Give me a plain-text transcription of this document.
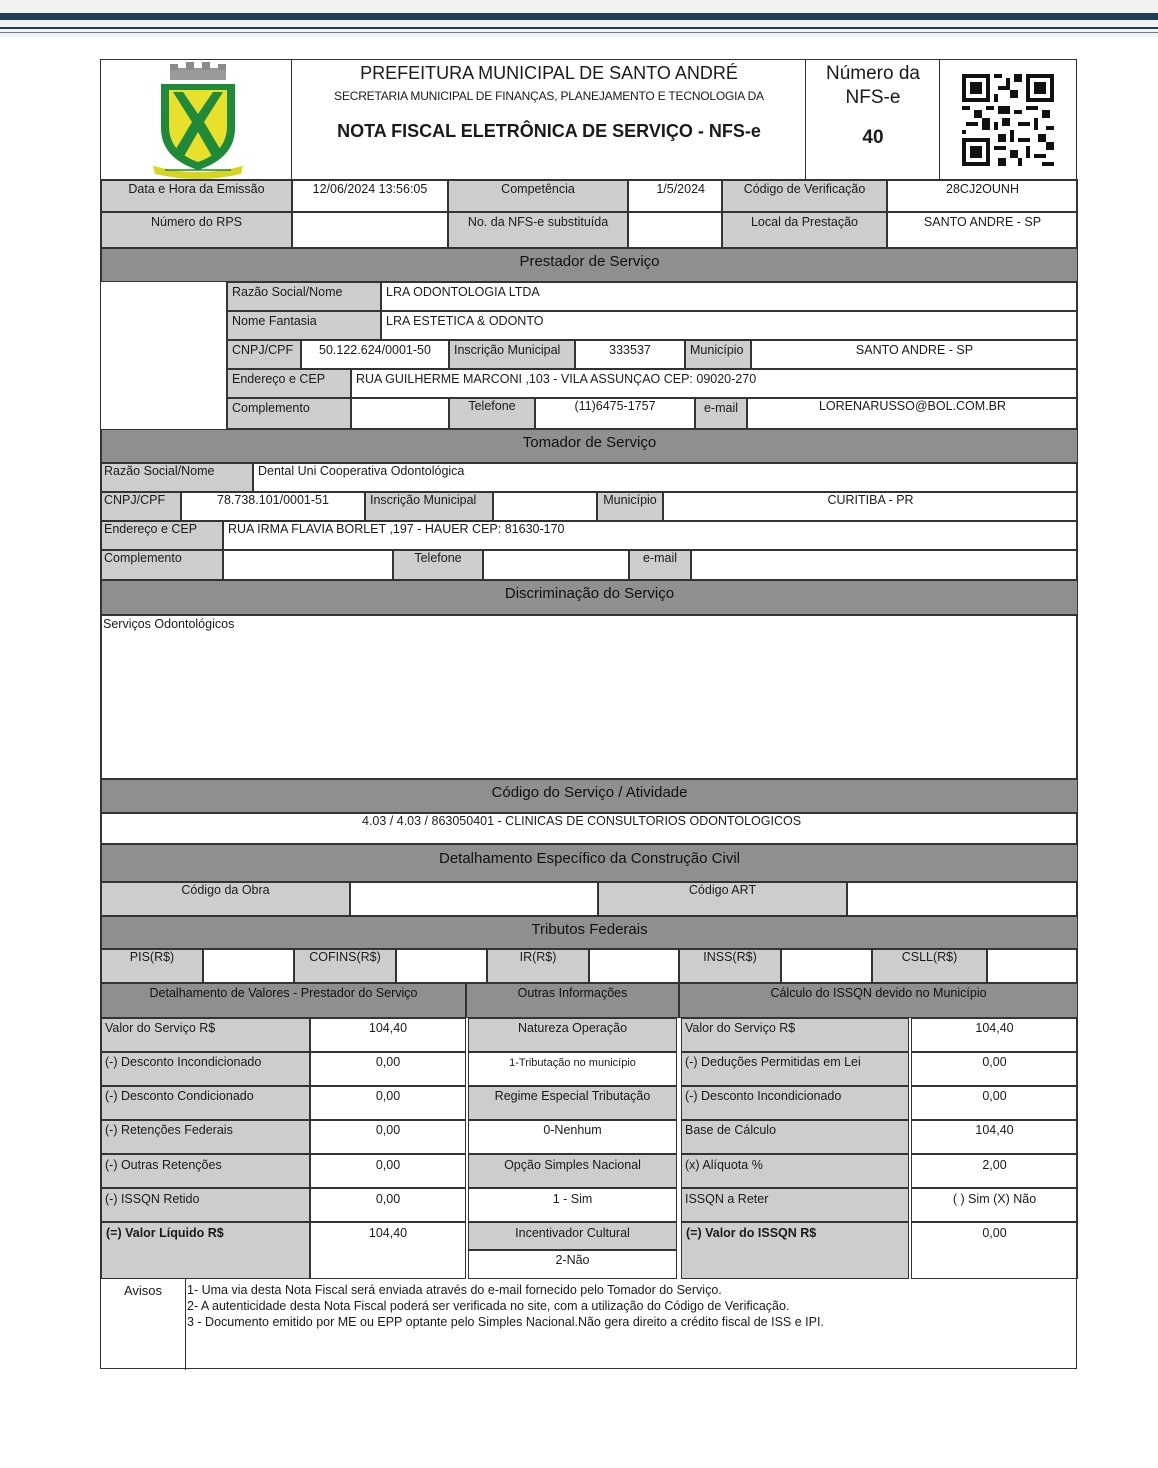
PREFEITURA MUNICIPAL DE SANTO ANDRÉ
SECRETARIA MUNICIPAL DE FINANÇAS, PLANEJAMENTO E TECNOLOGIA DA
NOTA FISCAL ELETRÔNICA DE SERVIÇO - NFS-e
Número da
NFS-e
40
Data e Hora da Emissão	12/06/2024 13:56:05	Competência	1/5/2024	Código de Verificação	28CJ2OUNH
Número do RPS	No. da NFS-e substituída	Local da Prestação	SANTO ANDRE - SP
Prestador de Serviço
Razão Social/Nome	LRA ODONTOLOGIA LTDA
Nome Fantasia	LRA ESTETICA & ODONTO
CNPJ/CPF	50.122.624/0001-50	Inscrição Municipal	333537	Município	SANTO ANDRE - SP
Endereço e CEP	RUA GUILHERME MARCONI ,103 - VILA ASSUNÇAO CEP: 09020-270
Complemento	Telefone	(11)6475-1757	e-mail	LORENARUSSO@BOL.COM.BR
Tomador de Serviço
Razão Social/Nome	Dental Uni Cooperativa Odontológica
CNPJ/CPF	78.738.101/0001-51	Inscrição Municipal	Município	CURITIBA - PR
Endereço e CEP	RUA IRMA FLAVIA BORLET ,197 - HAUER CEP: 81630-170
Complemento	Telefone	e-mail
Discriminação do Serviço
Serviços Odontológicos
Código do Serviço / Atividade
4.03 / 4.03 / 863050401 - CLINICAS DE CONSULTORIOS ODONTOLOGICOS
Detalhamento Específico da Construção Civil
Código da Obra	Código ART
Tributos Federais
PIS(R$)	COFINS(R$)	IR(R$)	INSS(R$)	CSLL(R$)
Detalhamento de Valores - Prestador do Serviço	Outras Informações	Cálculo do ISSQN devido no Município
Valor do Serviço R$	104,40
(-) Desconto Incondicionado	0,00
(-) Desconto Condicionado	0,00
(-) Retenções Federais	0,00
(-) Outras Retenções	0,00
(-) ISSQN Retido	0,00
(=) Valor Líquido R$	104,40
Natureza Operação
1-Tributação no município
Regime Especial Tributação
0-Nenhum
Opção Simples Nacional
1 - Sim
Incentivador Cultural
2-Não
Valor do Serviço R$	104,40
(-) Deduções Permitidas em Lei	0,00
(-) Desconto Incondicionado	0,00
Base de Cálculo	104,40
(x) Alíquota %	2,00
ISSQN a Reter	( ) Sim (X) Não
(=) Valor do ISSQN R$	0,00
Avisos	1- Uma via desta Nota Fiscal será enviada através do e-mail fornecido pelo Tomador do Serviço.
2- A autenticidade desta Nota Fiscal poderá ser verificada no site, com a utilização do Código de Verificação.
3 - Documento emitido por ME ou EPP optante pelo Simples Nacional.Não gera direito a crédito fiscal de ISS e IPI.
